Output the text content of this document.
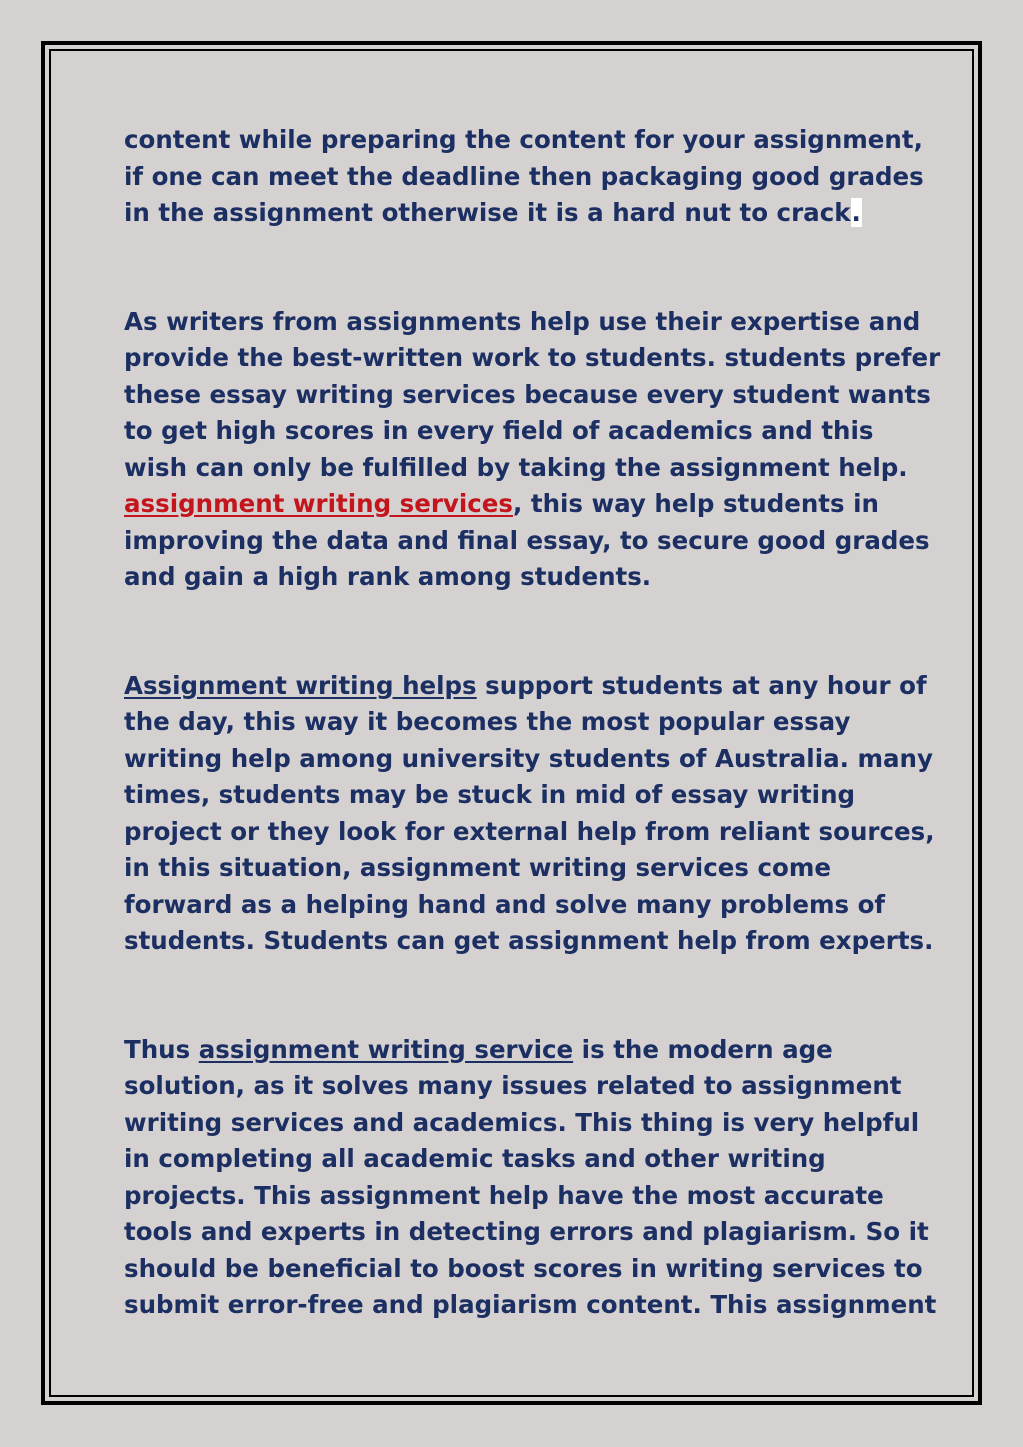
content while preparing the content for your assignment,

if one can meet the deadline then packaging good grades

in the assignment otherwise it is a hard nut to crack.

As writers from assignments help use their expertise and

provide the best-written work to students. students prefer

these essay writing services because every student wants

to get high scores in every field of academics and this

wish can only be fulfilled by taking the assignment help.

assignment writing services, this way help students in

improving the data and final essay, to secure good grades

and gain a high rank among students.

Assignment writing helps support students at any hour of

the day, this way it becomes the most popular essay

writing help among university students of Australia. many

times, students may be stuck in mid of essay writing

project or they look for external help from reliant sources,

in this situation, assignment writing services come

forward as a helping hand and solve many problems of

students. Students can get assignment help from experts.

Thus assignment writing service is the modern age

solution, as it solves many issues related to assignment

writing services and academics. This thing is very helpful

in completing all academic tasks and other writing

projects. This assignment help have the most accurate

tools and experts in detecting errors and plagiarism. So it

should be beneficial to boost scores in writing services to

submit error-free and plagiarism content. This assignment
